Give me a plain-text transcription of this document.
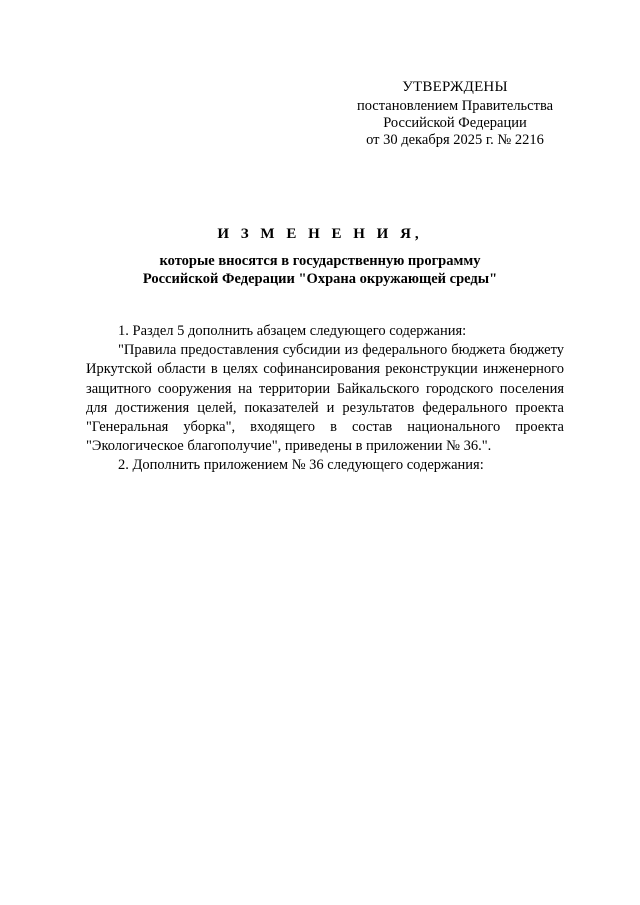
УТВЕРЖДЕНЫ
постановлением Правительства
Российской Федерации
от 30 декабря 2025 г. № 2216
И З М Е Н Е Н И Я,
которые вносятся в государственную программу
Российской Федерации "Охрана окружающей среды"

1. Раздел 5 дополнить абзацем следующего содержания:

"Правила предоставления субсидии из федерального бюджета бюджету Иркутской области в целях софинансирования реконструкции инженерного защитного сооружения на территории Байкальского городского поселения для достижения целей, показателей и результатов федерального проекта "Генеральная уборка", входящего в состав национального проекта "Экологическое благополучие", приведены в приложении № 36.".

2. Дополнить приложением № 36 следующего содержания:
